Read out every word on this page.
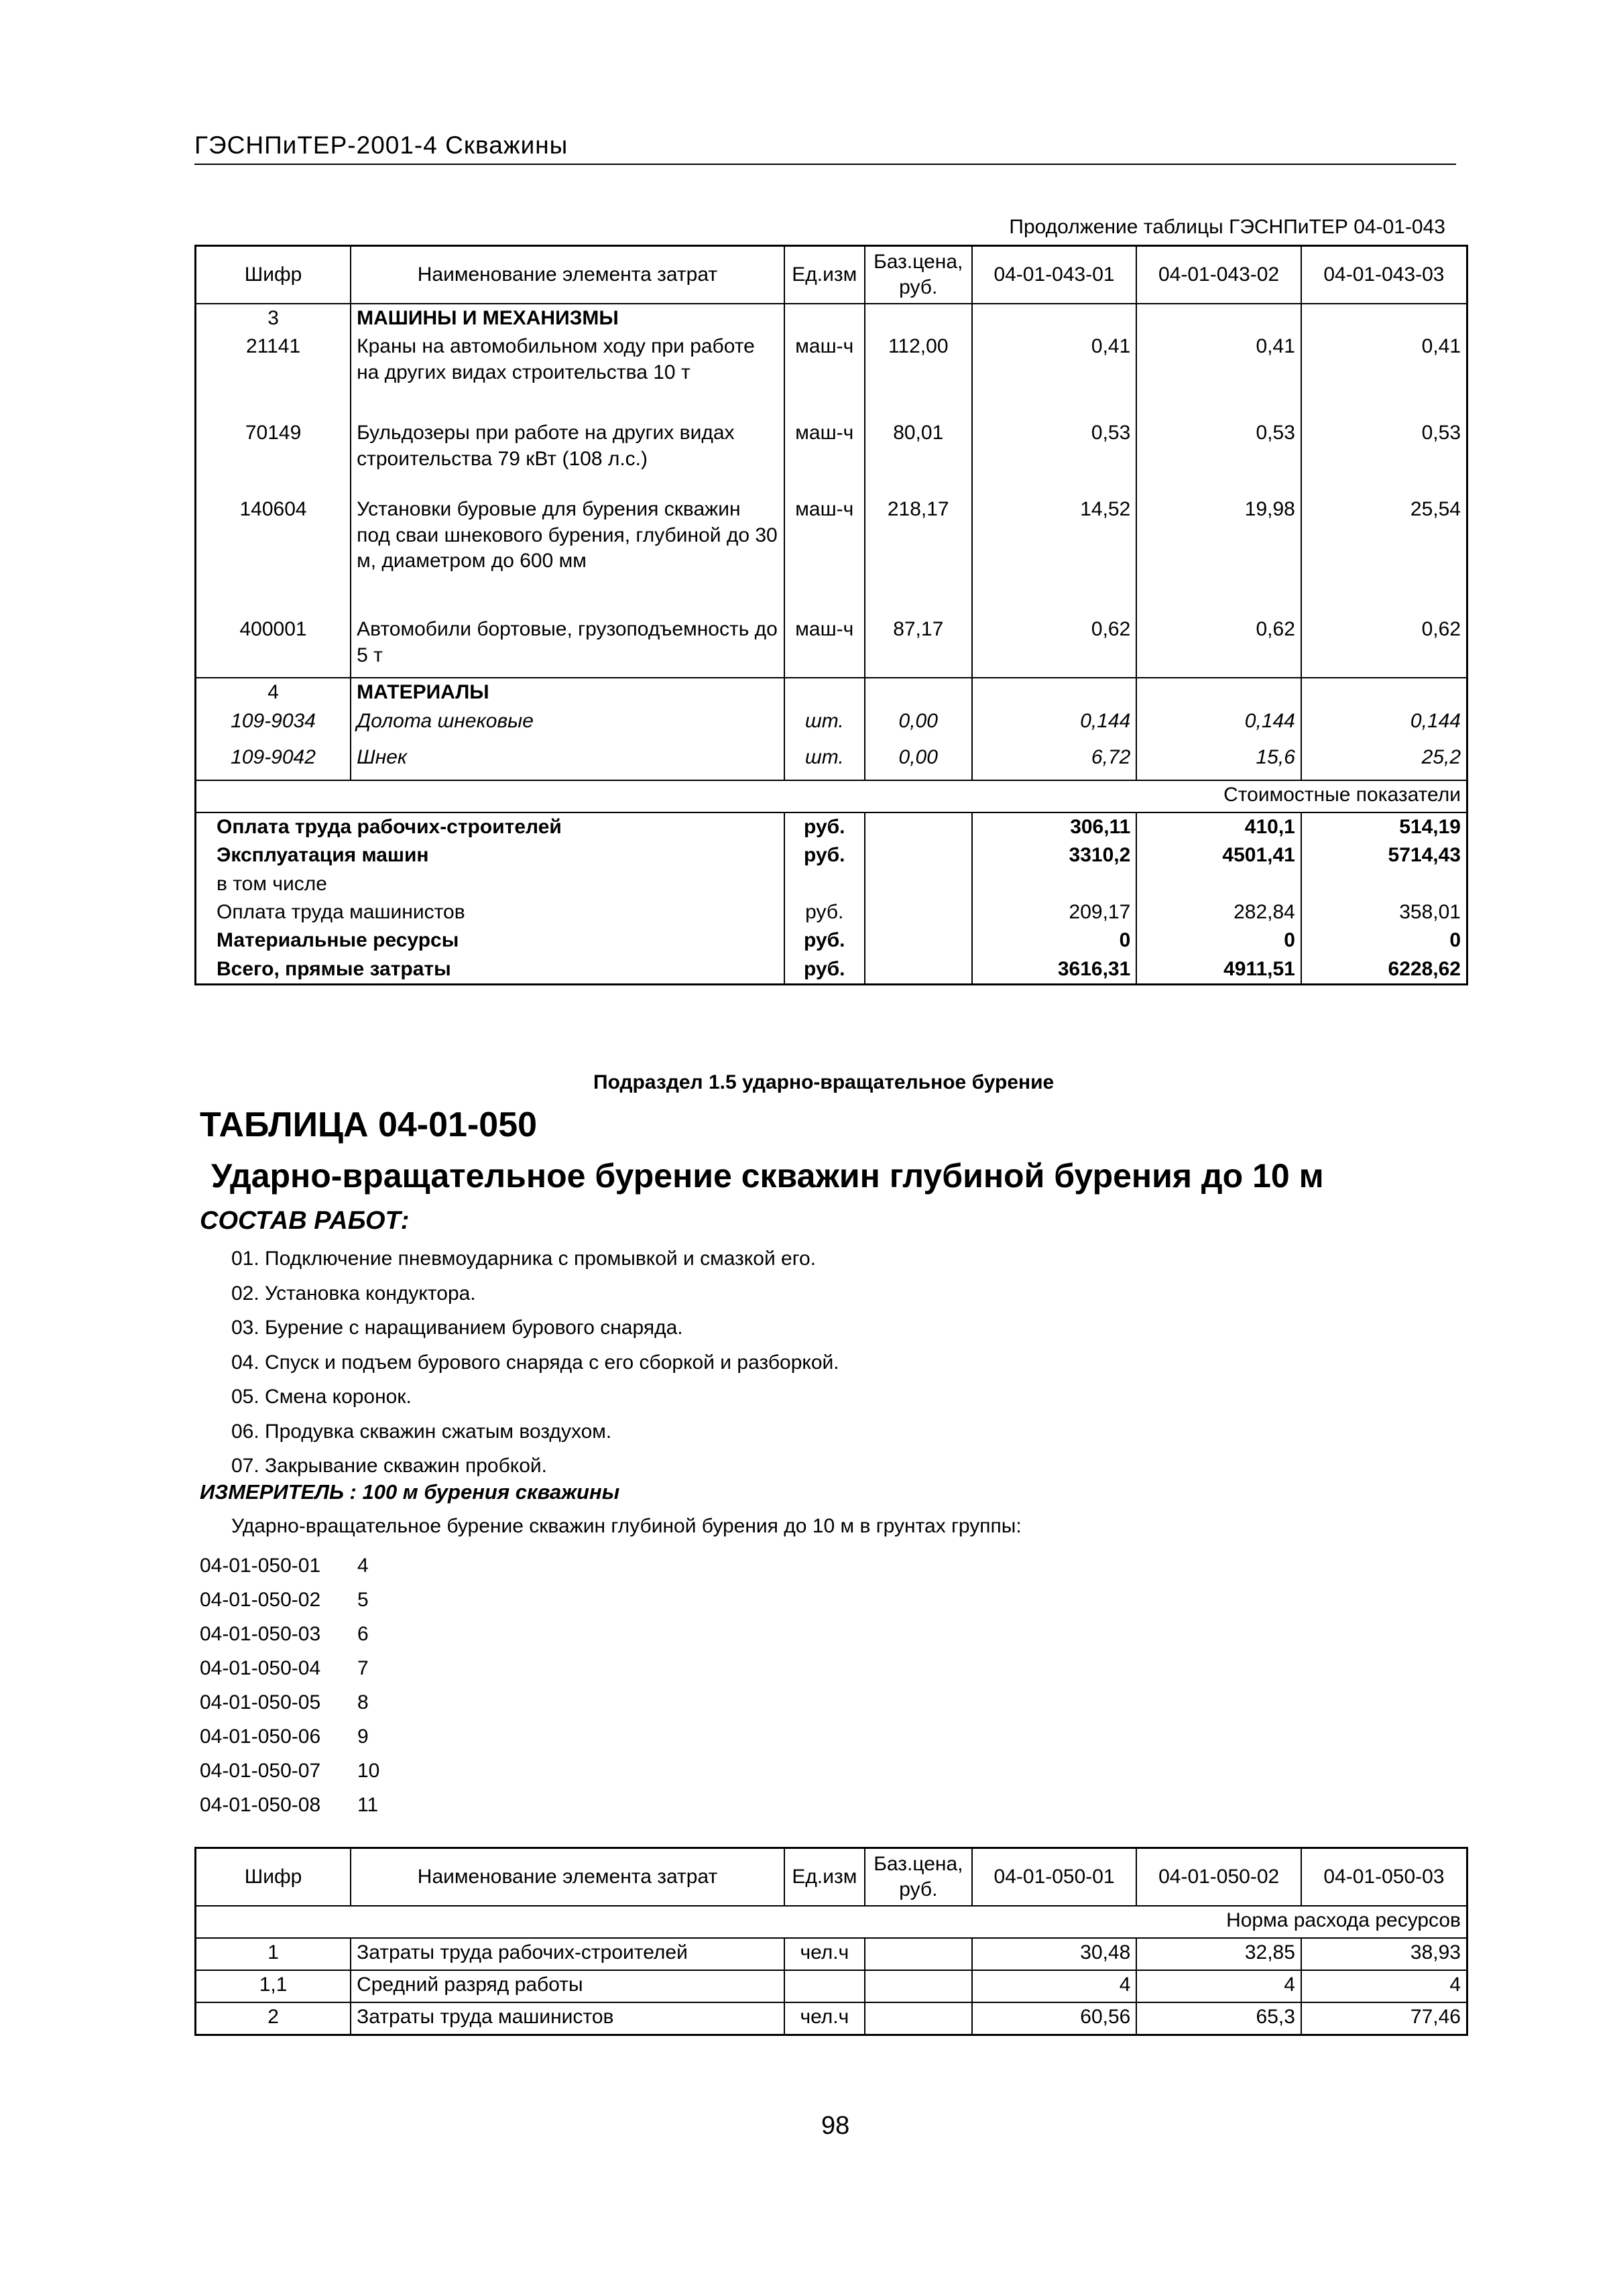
ГЭСНПиТЕР-2001-4 Скважины
Продолжение таблицы ГЭСНПиТЕР 04-01-043
Шифр	Наименование элемента затрат	Ед.изм	Баз.цена, руб.	04-01-043-01	04-01-043-02	04-01-043-03
3	МАШИНЫ И МЕХАНИЗМЫ					
21141	Краны на автомобильном ходу при работе на других видах строительства 10 т	маш-ч	112,00	0,41	0,41	0,41
70149	Бульдозеры при работе на других видах строительства 79 кВт (108 л.с.)	маш-ч	80,01	0,53	0,53	0,53
140604	Установки буровые для бурения скважин под сваи шнекового бурения, глубиной до 30 м, диаметром до 600 мм	маш-ч	218,17	14,52	19,98	25,54
400001	Автомобили бортовые, грузоподъемность до 5 т	маш-ч	87,17	0,62	0,62	0,62
4	МАТЕРИАЛЫ					
109-9034	Долота шнековые	шт.	0,00	0,144	0,144	0,144
109-9042	Шнек	шт.	0,00	6,72	15,6	25,2
Стоимостные показатели						
Оплата труда рабочих-строителей		руб.		306,11	410,1	514,19
Эксплуатация машин		руб.		3310,2	4501,41	5714,43
в том числе						
Оплата труда машинистов		руб.		209,17	282,84	358,01
Материальные ресурсы		руб.		0	0	0
Всего, прямые затраты		руб.		3616,31	4911,51	6228,62
Подраздел 1.5 ударно-вращательное бурение
ТАБЛИЦА 04-01-050
Ударно-вращательное бурение скважин глубиной бурения до 10 м
СОСТАВ РАБОТ:
01. Подключение пневмоударника с промывкой и смазкой его.
02. Установка кондуктора.
03. Бурение с наращиванием бурового снаряда.
04. Спуск и подъем бурового снаряда с его сборкой и разборкой.
05. Смена коронок.
06. Продувка скважин сжатым воздухом.
07. Закрывание скважин пробкой.
ИЗМЕРИТЕЛЬ : 100 м бурения скважины
Ударно-вращательное бурение скважин глубиной бурения до 10 м в грунтах группы:
04-01-050-01 4
04-01-050-02 5
04-01-050-03 6
04-01-050-04 7
04-01-050-05 8
04-01-050-06 9
04-01-050-07 10
04-01-050-08 11
Шифр	Наименование элемента затрат	Ед.изм	Баз.цена, руб.	04-01-050-01	04-01-050-02	04-01-050-03
Норма расхода ресурсов						
1	Затраты труда рабочих-строителей	чел.ч		30,48	32,85	38,93
1,1	Средний разряд работы			4	4	4
2	Затраты труда машинистов	чел.ч		60,56	65,3	77,46
98
